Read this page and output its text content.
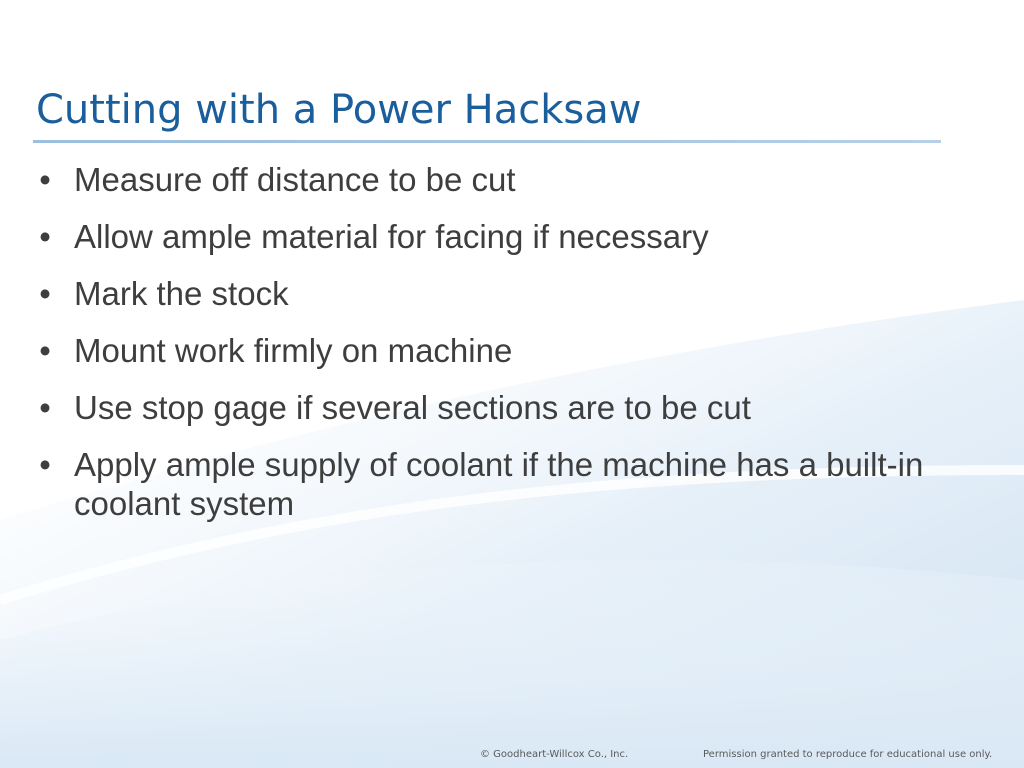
Cutting with a Power Hacksaw
• Measure off distance to be cut
• Allow ample material for facing if necessary
• Mark the stock
• Mount work firmly on machine
• Use stop gage if several sections are to be cut
• Apply ample supply of coolant if the machine has a built-in coolant system
© Goodheart-Willcox Co., Inc.	Permission granted to reproduce for educational use only.
